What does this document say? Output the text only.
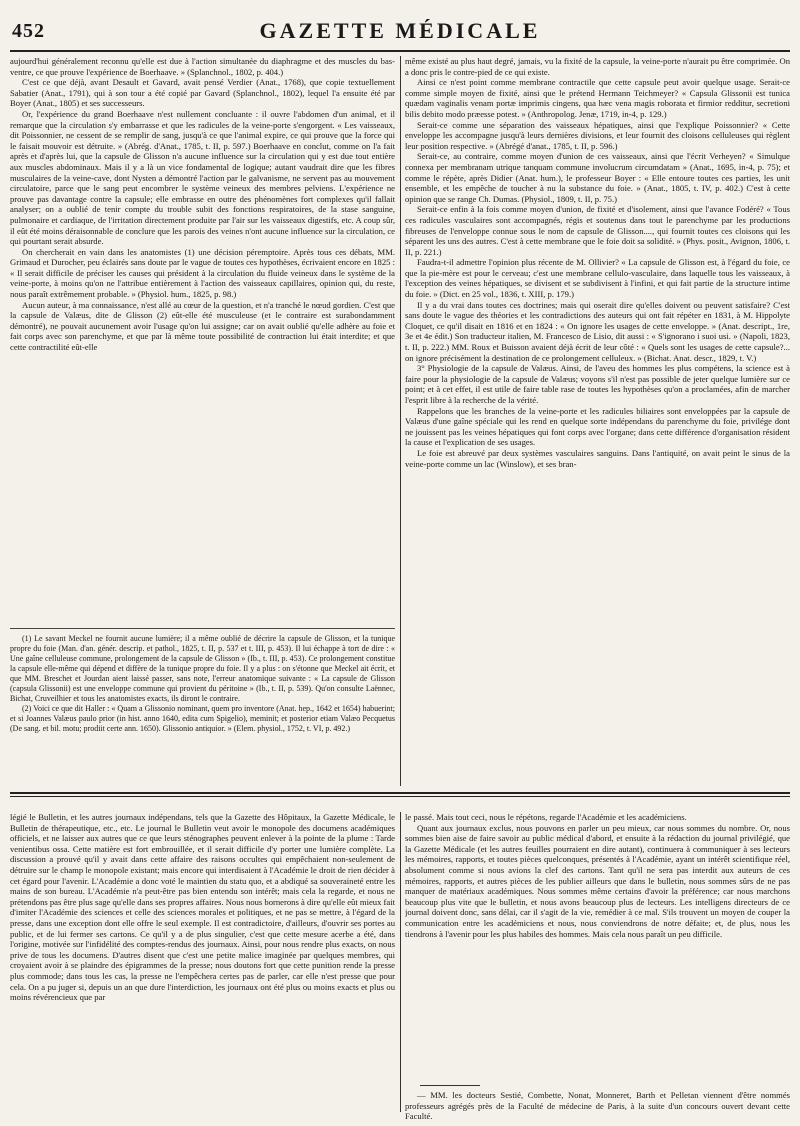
452	GAZETTE MÉDICALE

aujourd'hui généralement reconnu qu'elle est due à l'action simultanée du diaphragme et des muscles du bas-ventre, ce que prouve l'expérience de Boerhaave. » (Splanchnol., 1802, p. 404.)

C'est ce que déjà, avant Desault et Gavard, avait pensé Verdier (Anat., 1768), que copie textuellement Sabatier (Anat., 1791), qui à son tour a été copié par Gavard (Splanchnol., 1802), lequel l'a ensuite été par Boyer (Anat., 1805) et ses successeurs.

Or, l'expérience du grand Boerhaave n'est nullement concluante : il ouvre l'abdomen d'un animal, et il remarque que la circulation s'y embarrasse et que les radicules de la veine-porte s'engorgent. « Les vaisseaux, dit Poissonnier, ne cessent de se remplir de sang, jusqu'à ce que l'animal expire, ce qui prouve que la force qui le faisait mouvoir est détruite. » (Abrég. d'Anat., 1785, t. II, p. 597.) Boerhaave en conclut, comme on l'a fait après et d'après lui, que la capsule de Glisson n'a aucune influence sur la circulation qui y est due tout entière aux muscles abdominaux. Mais il y a là un vice fondamental de logique; autant vaudrait dire que les fibres musculaires de la veine-cave, dont Nysten a démontré l'action par le galvanisme, ne servent pas au mouvement circulatoire, parce que le sang peut encombrer le système veineux des membres pelviens. L'expérience ne prouve pas davantage contre la capsule; elle embrasse en outre des phénomènes fort complexes qu'il fallait analyser; on a oublié de tenir compte du trouble subit des fonctions respiratoires, de la stase sanguine, pulmonaire et cardiaque, de l'irritation directement produite par l'air sur les vaisseaux digestifs, etc. A coup sûr, il eût été moins déraisonnable de conclure que les parois des veines n'ont aucune influence sur la circulation, ce qui pourtant serait absurde.

On chercherait en vain dans les anatomistes (1) une décision péremptoire. Après tous ces débats, MM. Grimaud et Durocher, peu éclairés sans doute par le vague de toutes ces hypothèses, écrivaient encore en 1825 : « Il serait difficile de préciser les causes qui président à la circulation du fluide veineux dans le système de la veine-porte, à moins qu'on ne l'attribue entièrement à l'action des vaisseaux capillaires, opinion qui, du reste, nous paraît extrêmement probable. » (Physiol. hum., 1825, p. 98.)

Aucun auteur, à ma connaissance, n'est allé au cœur de la question, et n'a tranché le nœud gordien. C'est que la capsule de Valæus, dite de Glisson (2) eût-elle été musculeuse (et le contraire est surabondamment démontré), ne pouvait aucunement avoir l'usage qu'on lui assigne; car on avait oublié qu'elle adhère au foie et fait corps avec son parenchyme, et que par là même toute possibilité de contraction lui était interdite; et que cette contractilité eût-elle

(1) Le savant Meckel ne fournit aucune lumière; il a même oublié de décrire la capsule de Glisson, et la tunique propre du foie (Man. d'an. génér. descrip. et pathol., 1825, t. II, p. 537 et t. III, p. 453). Il lui échappe à tort de dire : « Une gaîne celluleuse commune, prolongement de la capsule de Glisson » (Ib., t. III, p. 453). Ce prolongement constitue la capsule elle-même qui dépend et diffère de la tunique propre du foie. Il y a plus : on s'étonne que Meckel ait écrit, et que MM. Breschet et Jourdan aient laissé passer, sans note, l'erreur anatomique suivante : « La capsule de Glisson (capsula Glissonii) est une enveloppe commune qui provient du péritoine » (Ib., t. II, p. 539). Qu'on consulte Laënnec, Bichat, Cruveilhier et tous les anatomistes exacts, ils diront le contraire.

(2) Voici ce que dit Haller : « Quam a Glissonio nominant, quem pro inventore (Anat. hep., 1642 et 1654) habuerint; et si Joannes Valæus paulo prior (in hist. anno 1640, edita cum Spigelio), meminit; et posterior etiam Valæo Pecquetus (De sang. et bil. motu; prodiit certe ann. 1650). Glissonio antiquior. » (Elem. physiol., 1752, t. VI, p. 492.)

même existé au plus haut degré, jamais, vu la fixité de la capsule, la veine-porte n'aurait pu être comprimée. On a donc pris le contre-pied de ce qui existe.

Ainsi ce n'est point comme membrane contractile que cette capsule peut avoir quelque usage. Serait-ce comme simple moyen de fixité, ainsi que le prétend Hermann Teichmeyer? « Capsula Glissonii est tunica quædam vaginalis venam portæ imprimis cingens, qua hæc vena magis roborata et firmior redditur, secretioni bilis debito modo præesse potest. » (Anthropolog. Jenæ, 1719, in-4, p. 129.)

Serait-ce comme une séparation des vaisseaux hépatiques, ainsi que l'explique Poissonnier? « Cette enveloppe les accompagne jusqu'à leurs dernières divisions, et leur fournit des cloisons celluleuses qui règlent leur position respective. » (Abrégé d'anat., 1785, t. II, p. 596.)

Serait-ce, au contraire, comme moyen d'union de ces vaisseaux, ainsi que l'écrit Verheyen? « Simulque connexa per membranam utrique tanquam commune involucrum circumdatam » (Anat., 1695, in-4, p. 75); et comme le répète, après Didier (Anat. hum.), le professeur Boyer : « Elle entoure toutes ces parties, les unit ensemble, et les empêche de toucher à nu la substance du foie. » (Anat., 1805, t. IV, p. 402.) C'est à cette opinion que se range Ch. Dumas. (Physiol., 1809, t. II, p. 75.)

Serait-ce enfin à la fois comme moyen d'union, de fixité et d'isolement, ainsi que l'avance Fodéré? « Tous ces radicules vasculaires sont accompagnés, régis et soutenus dans tout le parenchyme par les productions fibreuses de l'enveloppe connue sous le nom de capsule de Glisson...., qui fournit toutes ces cloisons qui les séparent les uns des autres. C'est à cette membrane que le foie doit sa solidité. » (Phys. posit., Avignon, 1806, t. II, p. 221.)

Faudra-t-il admettre l'opinion plus récente de M. Ollivier? « La capsule de Glisson est, à l'égard du foie, ce que la pie-mère est pour le cerveau; c'est une membrane cellulo-vasculaire, dans laquelle tous les vaisseaux, à l'exception des veines hépatiques, se divisent et se subdivisent à l'infini, et qui fait partie de la structure intime du foie. » (Dict. en 25 vol., 1836, t. XIII, p. 179.)

Il y a du vrai dans toutes ces doctrines; mais qui oserait dire qu'elles doivent ou peuvent satisfaire? C'est sans doute le vague des théories et les contradictions des auteurs qui ont fait répéter en 1831, à M. Hippolyte Cloquet, ce qu'il disait en 1816 et en 1824 : « On ignore les usages de cette enveloppe. » (Anat. descript., 1re, 3e et 4e édit.) Son traducteur italien, M. Francesco de Lisio, dit aussi : « S'ignorano i suoi usi. » (Napoli, 1823, t. II, p. 222.) MM. Roux et Buisson avaient déjà écrit de leur côté : « Quels sont les usages de cette capsule?... on ignore précisément la destination de ce prolongement celluleux. » (Bichat. Anat. descr., 1829, t. V.)

3° Physiologie de la capsule de Valæus. Ainsi, de l'aveu des hommes les plus compétens, la science est à faire pour la physiologie de la capsule de Valæus; voyons s'il n'est pas possible de jeter quelque lumière sur ce point; et à cet effet, il est utile de faire table rase de toutes les hypothèses qu'on a proclamées, afin de marcher l'esprit libre à la recherche de la vérité.

Rappelons que les branches de la veine-porte et les radicules biliaires sont enveloppées par la capsule de Valæus d'une gaîne spéciale qui les rend en quelque sorte indépendans du parenchyme du foie, privilége dont ne jouissent pas les veines hépatiques qui font corps avec l'organe; dans cette différence d'organisation résident la cause et l'explication de ses usages.

Le foie est abreuvé par deux systèmes vasculaires sanguins. Dans l'antiquité, on avait peint le sinus de la veine-porte comme un lac (Winslow), et ses bran-

légié le Bulletin, et les autres journaux indépendans, tels que la Gazette des Hôpitaux, la Gazette Médicale, le Bulletin de thérapeutique, etc., etc. Le journal le Bulletin veut avoir le monopole des documens académiques officiels, et ne laisser aux autres que ce que leurs sténographes peuvent enlever à la pointe de la plume : Tarde venientibus ossa. Cette matière est fort embrouillée, et il serait difficile d'y porter une lumière complète. La discussion a prouvé qu'il y avait dans cette affaire des raisons occultes qui empêchaient non-seulement de détruire sur le champ le monopole existant; mais encore qui interdisaient à l'Académie le droit de rien décider à cet égard pour l'avenir. L'Académie a donc voté le maintien du statu quo, et a abdiqué sa souveraineté entre les mains de son bureau. L'Académie n'a peut-être pas bien entendu son intérêt; mais cela la regarde, et nous ne prétendons pas être plus sage qu'elle dans ses propres affaires. Nous nous bornerons à dire qu'elle eût mieux fait d'imiter l'Académie des sciences et celle des sciences morales et politiques, et ne pas se mettre, à l'égard de la presse, dans une exception dont elle offre le seul exemple. Il est contradictoire, d'ailleurs, d'ouvrir ses portes au public, et de lui fermer ses cartons. Ce qu'il y a de plus singulier, c'est que cette mesure acerbe a été, dans l'origine, motivée sur l'infidélité des comptes-rendus des journaux. Ainsi, pour nous rendre plus exacts, on nous prive de tous les documens. D'autres disent que c'est une petite malice imaginée par quelques membres, qui croyaient avoir à se plaindre des épigrammes de la presse; nous doutons fort que cette punition rende la presse plus commode; dans tous les cas, la presse ne l'empêchera certes pas de parler, car elle n'est presse que pour cela. On a pu juger si, depuis un an que dure l'interdiction, les journaux ont été plus ou moins exacts et plus ou moins révérencieux que par

le passé. Mais tout ceci, nous le répétons, regarde l'Académie et les académiciens.

Quant aux journaux exclus, nous pouvons en parler un peu mieux, car nous sommes du nombre. Or, nous sommes bien aise de faire savoir au public médical d'abord, et ensuite à la rédaction du journal privilégié, que la Gazette Médicale (et les autres feuilles pourraient en dire autant), continuera à communiquer à ses lecteurs les mémoires, rapports, et toutes pièces quelconques, présentés à l'Académie, ayant un intérêt scientifique réel, absolument comme si nous avions la clef des cartons. Tant qu'il ne sera pas interdit aux auteurs de ces mémoires, rapports, et autres pièces de les publier ailleurs que dans le bulletin, nous sommes sûrs de ne pas manquer de matériaux académiques. Nous sommes même certains d'avoir la préférence; car nous marchons beaucoup plus vite que le bulletin, et nous avons beaucoup plus de lecteurs. Les intelligens directeurs de ce journal doivent donc, sans délai, car il s'agit de la vie, remédier à ce mal. S'ils trouvent un moyen de couper la communication entre les académiciens et nous, nous conviendrons de notre défaite; et, de plus, nous les tiendrons à l'avenir pour les plus habiles des hommes. Mais cela nous paraît un peu difficile.

— MM. les docteurs Sestié, Combette, Nonat, Monneret, Barth et Pelletan viennent d'être nommés professeurs agrégés près de la Faculté de médecine de Paris, à la suite d'un concours ouvert devant cette Faculté.
